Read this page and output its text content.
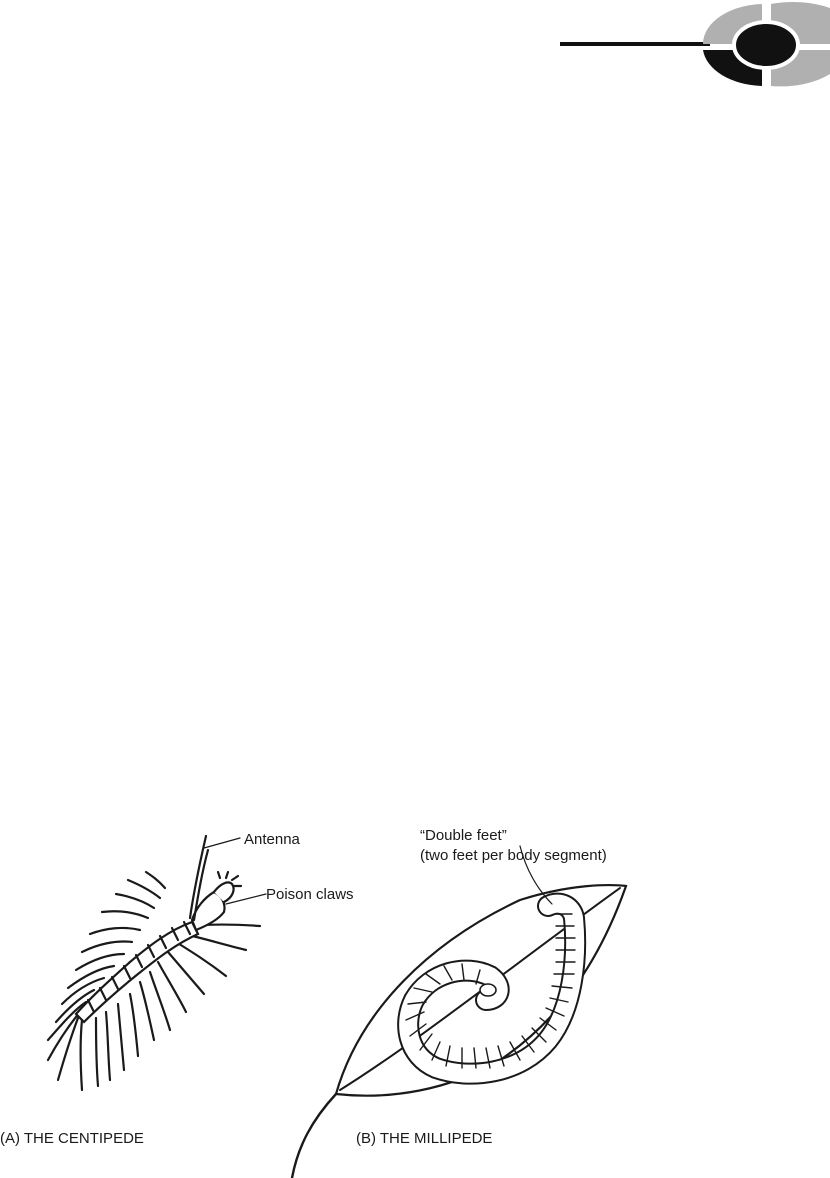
Antenna
Poison claws
“Double feet”
(two feet per body segment)
(A) THE CENTIPEDE	(B) THE MILLIPEDE
